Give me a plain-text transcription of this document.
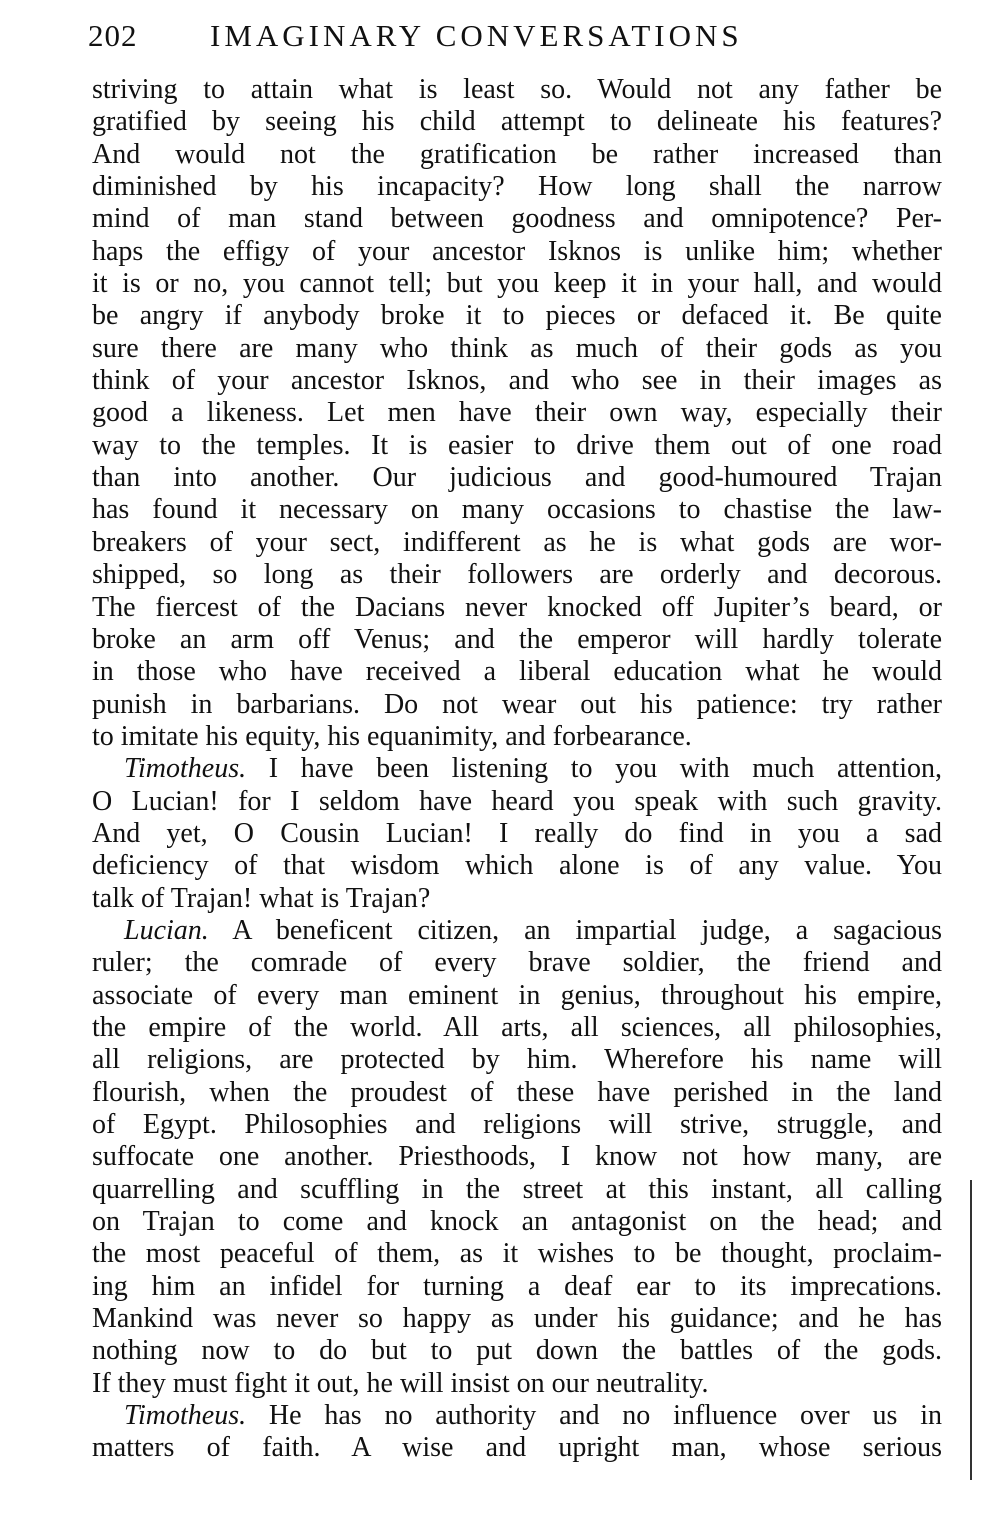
202 IMAGINARY CONVERSATIONS
striving to attain what is least so. Would not any father be
gratified by seeing his child attempt to delineate his features?
And would not the gratification be rather increased than
diminished by his incapacity? How long shall the narrow
mind of man stand between goodness and omnipotence? Per-
haps the effigy of your ancestor Isknos is unlike him; whether
it is or no, you cannot tell; but you keep it in your hall, and would
be angry if anybody broke it to pieces or defaced it. Be quite
sure there are many who think as much of their gods as you
think of your ancestor Isknos, and who see in their images as
good a likeness. Let men have their own way, especially their
way to the temples. It is easier to drive them out of one road
than into another. Our judicious and good-humoured Trajan
has found it necessary on many occasions to chastise the law-
breakers of your sect, indifferent as he is what gods are wor-
shipped, so long as their followers are orderly and decorous.
The fiercest of the Dacians never knocked off Jupiter’s beard, or
broke an arm off Venus; and the emperor will hardly tolerate
in those who have received a liberal education what he would
punish in barbarians. Do not wear out his patience: try rather
to imitate his equity, his equanimity, and forbearance.
Timotheus. I have been listening to you with much attention,
O Lucian! for I seldom have heard you speak with such gravity.
And yet, O Cousin Lucian! I really do find in you a sad
deficiency of that wisdom which alone is of any value. You
talk of Trajan! what is Trajan?
Lucian. A beneficent citizen, an impartial judge, a sagacious
ruler; the comrade of every brave soldier, the friend and
associate of every man eminent in genius, throughout his empire,
the empire of the world. All arts, all sciences, all philosophies,
all religions, are protected by him. Wherefore his name will
flourish, when the proudest of these have perished in the land
of Egypt. Philosophies and religions will strive, struggle, and
suffocate one another. Priesthoods, I know not how many, are
quarrelling and scuffling in the street at this instant, all calling
on Trajan to come and knock an antagonist on the head; and
the most peaceful of them, as it wishes to be thought, proclaim-
ing him an infidel for turning a deaf ear to its imprecations.
Mankind was never so happy as under his guidance; and he has
nothing now to do but to put down the battles of the gods.
If they must fight it out, he will insist on our neutrality.
Timotheus. He has no authority and no influence over us in
matters of faith. A wise and upright man, whose serious
